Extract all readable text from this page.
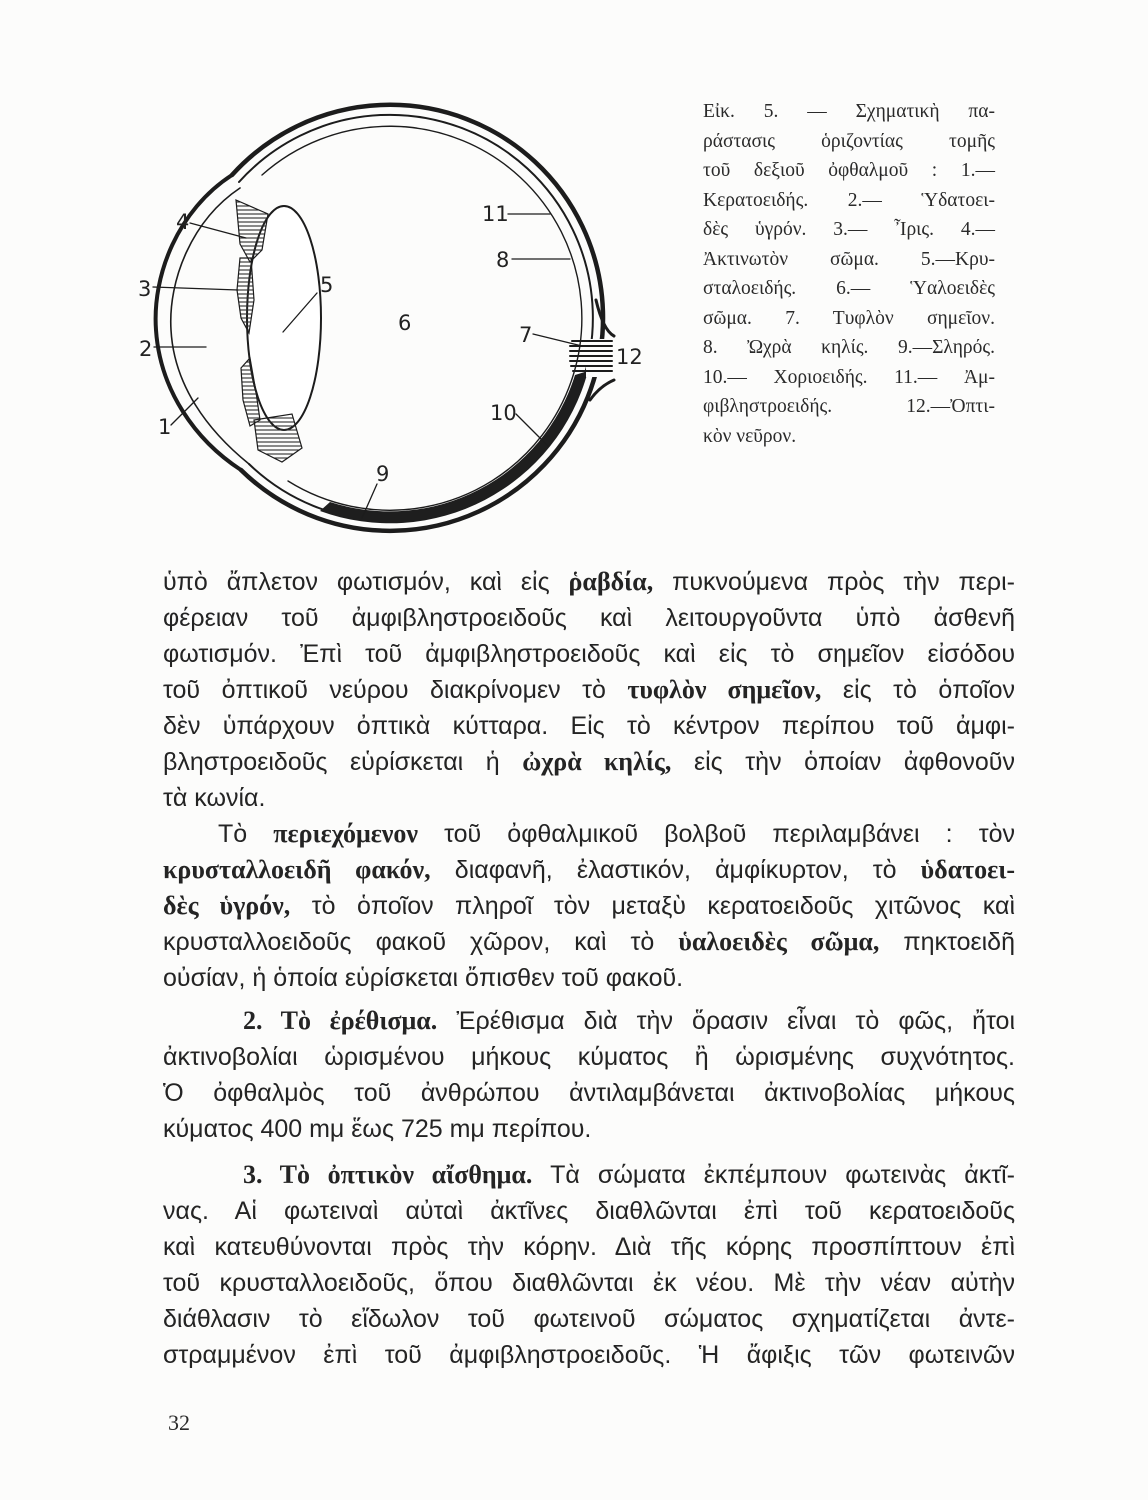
4
3
2
1
5
6
11
8
7
12
10
9
Εἰκ. 5. — Σχηματικὴ πα-
ράστασις ὁριζοντίας τομῆς
τοῦ δεξιοῦ ὀφθαλμοῦ : 1.—
Κερατοειδής. 2.— Ὑδατοει-
δὲς ὑγρόν. 3.— Ἶρις. 4.—
Ἀκτινωτὸν σῶμα. 5.—Κρυ-
σταλοειδής. 6.— Ὑαλοειδὲς
σῶμα. 7. Τυφλὸν σημεῖον.
8. Ὠχρὰ κηλίς. 9.—Σληρός.
10.— Χοριοειδής. 11.— Ἀμ-
φιβληστροειδής. 12.—Ὀπτι-
κὸν νεῦρον.
ὑπὸ ἄπλετον φωτισμόν, καὶ εἰς ῥαβδία, πυκνούμενα πρὸς τὴν περι-
φέρειαν τοῦ ἀμφιβληστροειδοῦς καὶ λειτουργοῦντα ὑπὸ ἀσθενῆ
φωτισμόν. Ἐπὶ τοῦ ἀμφιβληστροειδοῦς καὶ εἰς τὸ σημεῖον εἰσόδου
τοῦ ὀπτικοῦ νεύρου διακρίνομεν τὸ τυφλὸν σημεῖον, εἰς τὸ ὁποῖον
δὲν ὑπάρχουν ὀπτικὰ κύτταρα. Εἰς τὸ κέντρον περίπου τοῦ ἀμφι-
βληστροειδοῦς εὑρίσκεται ἡ ὠχρὰ κηλίς, εἰς τὴν ὁποίαν ἀφθονοῦν
τὰ κωνία.
Τὸ περιεχόμενον τοῦ ὀφθαλμικοῦ βολβοῦ περιλαμβάνει : τὸν
κρυσταλλοειδῆ φακόν, διαφανῆ, ἐλαστικόν, ἀμφίκυρτον, τὸ ὑδατοει-
δὲς ὑγρόν, τὸ ὁποῖον πληροῖ τὸν μεταξὺ κερατοειδοῦς χιτῶνος καὶ
κρυσταλλοειδοῦς φακοῦ χῶρον, καὶ τὸ ὑαλοειδὲς σῶμα, πηκτοειδῆ
οὐσίαν, ἡ ὁποία εὑρίσκεται ὄπισθεν τοῦ φακοῦ.
2. Τὸ ἐρέθισμα. Ἐρέθισμα διὰ τὴν ὅρασιν εἶναι τὸ φῶς, ἤτοι
ἀκτινοβολίαι ὡρισμένου μήκους κύματος ἢ ὡρισμένης συχνότητος.
Ὁ ὀφθαλμὸς τοῦ ἀνθρώπου ἀντιλαμβάνεται ἀκτινοβολίας μήκους
κύματος 400 mμ ἕως 725 mμ περίπου.
3. Τὸ ὀπτικὸν αἴσθημα. Τὰ σώματα ἐκπέμπουν φωτεινὰς ἀκτῖ-
νας. Αἱ φωτειναὶ αὐταὶ ἀκτῖνες διαθλῶνται ἐπὶ τοῦ κερατοειδοῦς
καὶ κατευθύνονται πρὸς τὴν κόρην. Διὰ τῆς κόρης προσπίπτουν ἐπὶ
τοῦ κρυσταλλοειδοῦς, ὅπου διαθλῶνται ἐκ νέου. Μὲ τὴν νέαν αὐτὴν
διάθλασιν τὸ εἴδωλον τοῦ φωτεινοῦ σώματος σχηματίζεται ἀντε-
στραμμένον ἐπὶ τοῦ ἀμφιβληστροειδοῦς. Ἡ ἄφιξις τῶν φωτεινῶν
32
